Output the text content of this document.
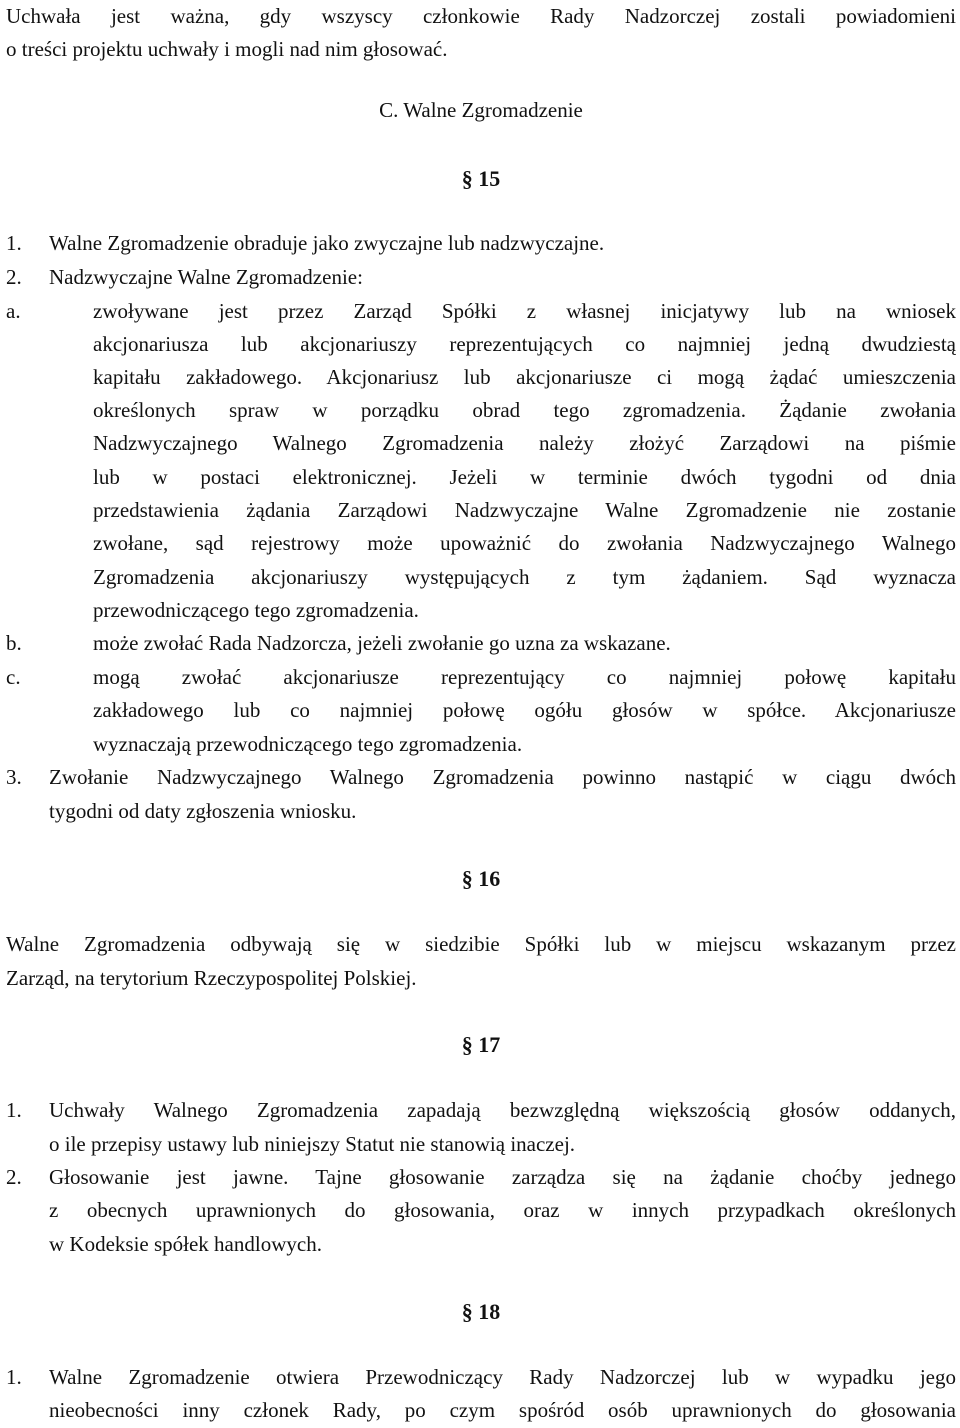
Uchwała jest ważna, gdy wszyscy członkowie Rady Nadzorczej zostali powiadomieni
o treści projektu uchwały i mogli nad nim głosować.
C. Walne Zgromadzenie
§ 15
1. Walne Zgromadzenie obraduje jako zwyczajne lub nadzwyczajne.
2. Nadzwyczajne Walne Zgromadzenie:
a.	zwoływane jest przez Zarząd Spółki z własnej inicjatywy lub na wniosek
akcjonariusza lub akcjonariuszy reprezentujących co najmniej jedną dwudziestą
kapitału zakładowego. Akcjonariusz lub akcjonariusze ci mogą żądać umieszczenia
określonych spraw w porządku obrad tego zgromadzenia. Żądanie zwołania
Nadzwyczajnego Walnego Zgromadzenia należy złożyć Zarządowi na piśmie
lub w postaci elektronicznej. Jeżeli w terminie dwóch tygodni od dnia
przedstawienia żądania Zarządowi Nadzwyczajne Walne Zgromadzenie nie zostanie
zwołane, sąd rejestrowy może upoważnić do zwołania Nadzwyczajnego Walnego
Zgromadzenia akcjonariuszy występujących z tym żądaniem. Sąd wyznacza
przewodniczącego tego zgromadzenia.
b.	może zwołać Rada Nadzorcza, jeżeli zwołanie go uzna za wskazane.
c.	mogą zwołać akcjonariusze reprezentujący co najmniej połowę kapitału
zakładowego lub co najmniej połowę ogółu głosów w spółce. Akcjonariusze
wyznaczają przewodniczącego tego zgromadzenia.
3. Zwołanie Nadzwyczajnego Walnego Zgromadzenia powinno nastąpić w ciągu dwóch
tygodni od daty zgłoszenia wniosku.
§ 16
Walne Zgromadzenia odbywają się w siedzibie Spółki lub w miejscu wskazanym przez
Zarząd, na terytorium Rzeczypospolitej Polskiej.
§ 17
1. Uchwały Walnego Zgromadzenia zapadają bezwzględną większością głosów oddanych,
o ile przepisy ustawy lub niniejszy Statut nie stanowią inaczej.
2. Głosowanie jest jawne. Tajne głosowanie zarządza się na żądanie choćby jednego
z obecnych uprawnionych do głosowania, oraz w innych przypadkach określonych
w Kodeksie spółek handlowych.
§ 18
1. Walne Zgromadzenie otwiera Przewodniczący Rady Nadzorczej lub w wypadku jego
nieobecności inny członek Rady, po czym spośród osób uprawnionych do głosowania
